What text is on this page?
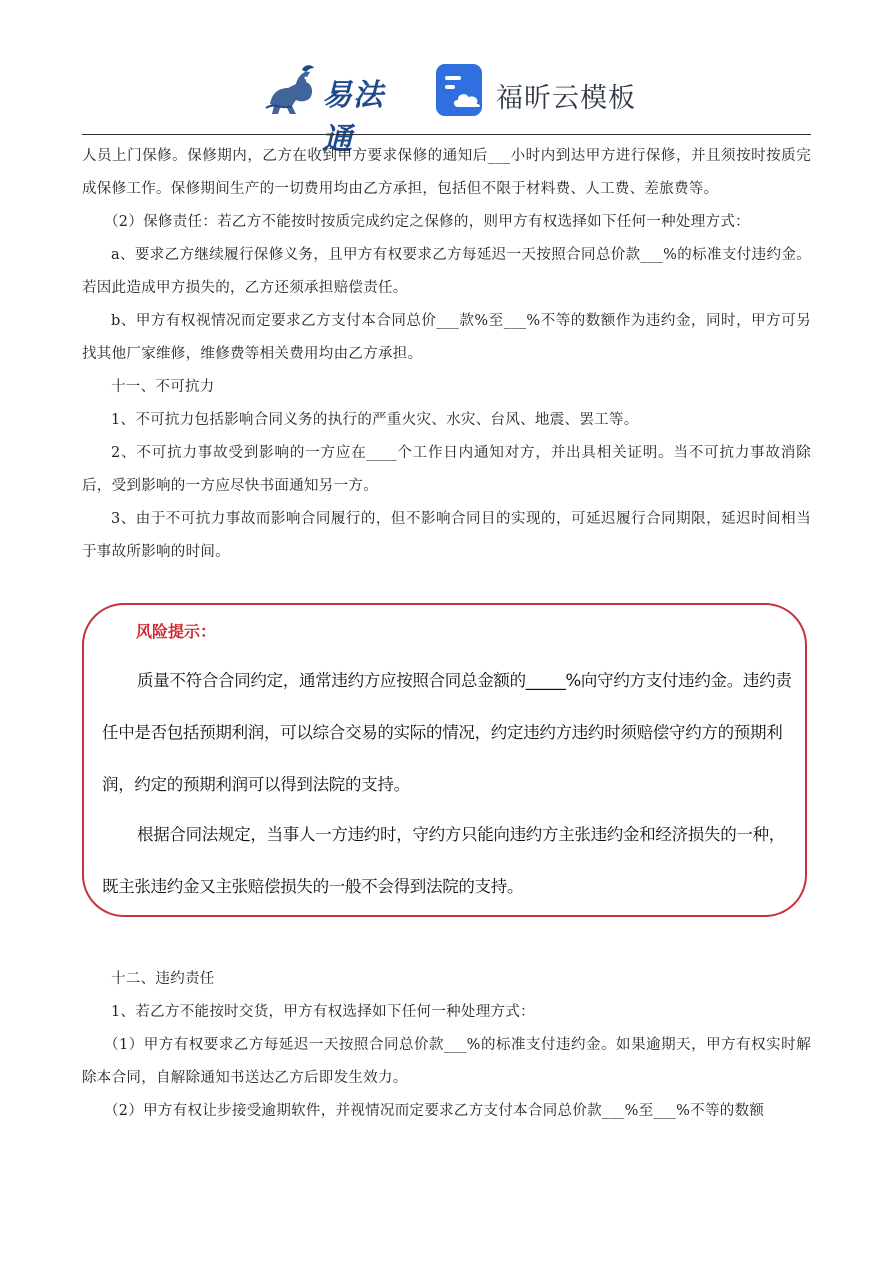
易法通
福昕云模板

人员上门保修。保修期内，乙方在收到甲方要求保修的通知后___小时内到达甲方进行保修，并且须按时按质完成保修工作。保修期间生产的一切费用均由乙方承担，包括但不限于材料费、人工费、差旅费等。

（2）保修责任：若乙方不能按时按质完成约定之保修的，则甲方有权选择如下任何一种处理方式：

a、要求乙方继续履行保修义务，且甲方有权要求乙方每延迟一天按照合同总价款___%的标准支付违约金。若因此造成甲方损失的，乙方还须承担赔偿责任。

b、甲方有权视情况而定要求乙方支付本合同总价___款%至___%不等的数额作为违约金，同时，甲方可另找其他厂家维修，维修费等相关费用均由乙方承担。

十一、不可抗力

1、不可抗力包括影响合同义务的执行的严重火灾、水灾、台风、地震、罢工等。

2、不可抗力事故受到影响的一方应在____个工作日内通知对方，并出具相关证明。当不可抗力事故消除后，受到影响的一方应尽快书面通知另一方。

3、由于不可抗力事故而影响合同履行的，但不影响合同目的实现的，可延迟履行合同期限，延迟时间相当于事故所影响的时间。

风险提示：

质量不符合合同约定，通常违约方应按照合同总金额的_____%向守约方支付违约金。违约责任中是否包括预期利润，可以综合交易的实际的情况，约定违约方违约时须赔偿守约方的预期利润，约定的预期利润可以得到法院的支持。

根据合同法规定，当事人一方违约时，守约方只能向违约方主张违约金和经济损失的一种，既主张违约金又主张赔偿损失的一般不会得到法院的支持。

十二、违约责任

1、若乙方不能按时交货，甲方有权选择如下任何一种处理方式：

（1）甲方有权要求乙方每延迟一天按照合同总价款___%的标准支付违约金。如果逾期天，甲方有权实时解除本合同，自解除通知书送达乙方后即发生效力。

（2）甲方有权让步接受逾期软件，并视情况而定要求乙方支付本合同总价款___%至___%不等的数额
